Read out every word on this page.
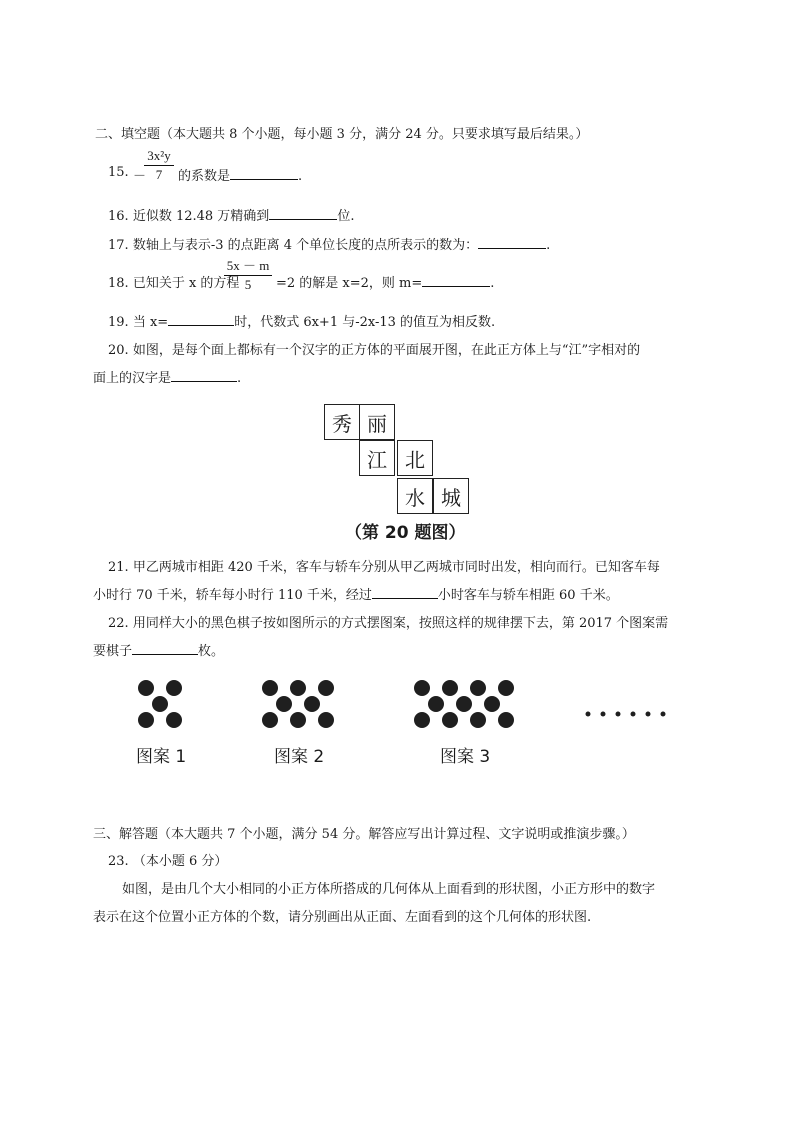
二、填空题（本大题共 8 个小题，每小题 3 分，满分 24 分。只要求填写最后结果。）
15. －
3x²y
7	的系数是	.
16. 近似数 12.48 万精确到	位.
17. 数轴上与表示-3 的点距离 4 个单位长度的点所表示的数为：	.
18. 已知关于 x 的方程
5x － m
5	=2 的解是 x=2，则 m=	.
19. 当 x=	时，代数式 6x+1 与-2x-13 的值互为相反数.
20. 如图，是每个面上都标有一个汉字的正方体的平面展开图，在此正方体上与“江”字相对的
面上的汉字是	.
秀 丽
江 北
水 城
（第 20 题图）
21. 甲乙两城市相距 420 千米，客车与轿车分别从甲乙两城市同时出发，相向而行。已知客车每
小时行 70 千米，轿车每小时行 110 千米，经过	小时客车与轿车相距 60 千米。
22. 用同样大小的黑色棋子按如图所示的方式摆图案，按照这样的规律摆下去，第 2017 个图案需
要棋子	枚。
图案 1	图案 2	图案 3
三、解答题（本大题共 7 个小题，满分 54 分。解答应写出计算过程、文字说明或推演步骤。）
23. （本小题 6 分）
如图，是由几个大小相同的小正方体所搭成的几何体从上面看到的形状图，小正方形中的数字
表示在这个位置小正方体的个数，请分别画出从正面、左面看到的这个几何体的形状图.
